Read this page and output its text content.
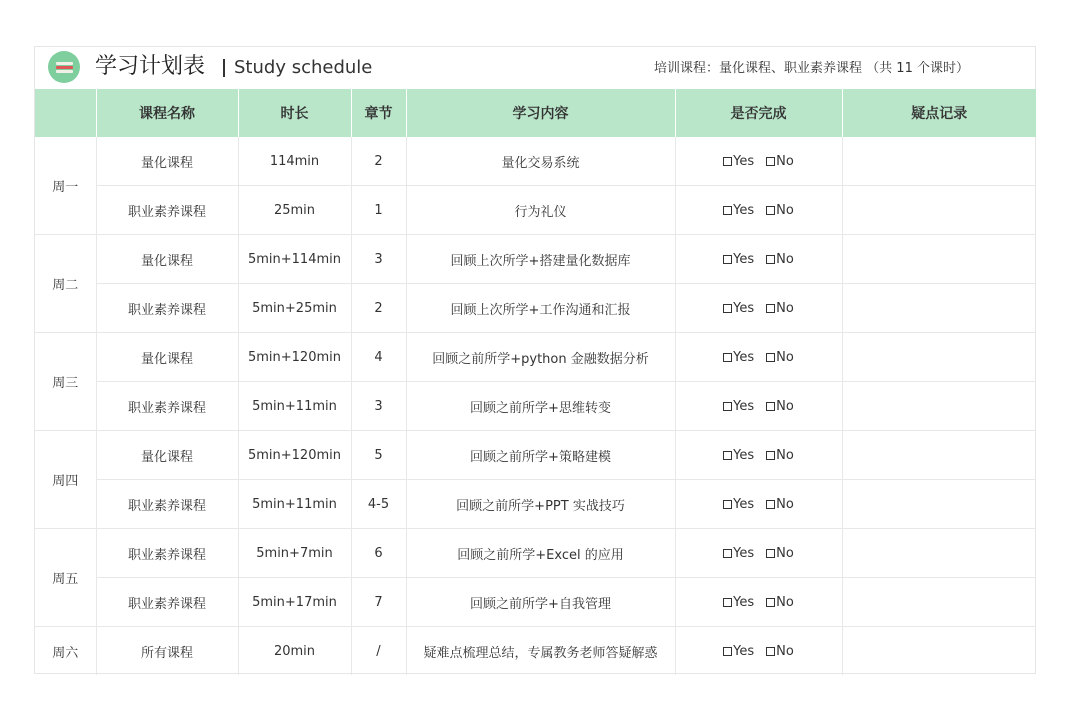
学习计划表 Study schedule	培训课程：量化课程、职业素养课程 （共 11 个课时）
	课程名称	时长	章节	学习内容	是否完成	疑点记录
周一	量化课程	114min	2	量化交易系统	Yes No	
	职业素养课程	25min	1	行为礼仪	Yes No	
周二	量化课程	5min+114min	3	回顾上次所学+搭建量化数据库	Yes No	
	职业素养课程	5min+25min	2	回顾上次所学+工作沟通和汇报	Yes No	
周三	量化课程	5min+120min	4	回顾之前所学+python 金融数据分析	Yes No	
	职业素养课程	5min+11min	3	回顾之前所学+思维转变	Yes No	
周四	量化课程	5min+120min	5	回顾之前所学+策略建模	Yes No	
	职业素养课程	5min+11min	4-5	回顾之前所学+PPT 实战技巧	Yes No	
周五	职业素养课程	5min+7min	6	回顾之前所学+Excel 的应用	Yes No	
	职业素养课程	5min+17min	7	回顾之前所学+自我管理	Yes No	
周六	所有课程	20min	/	疑难点梳理总结，专属教务老师答疑解惑	Yes No	
